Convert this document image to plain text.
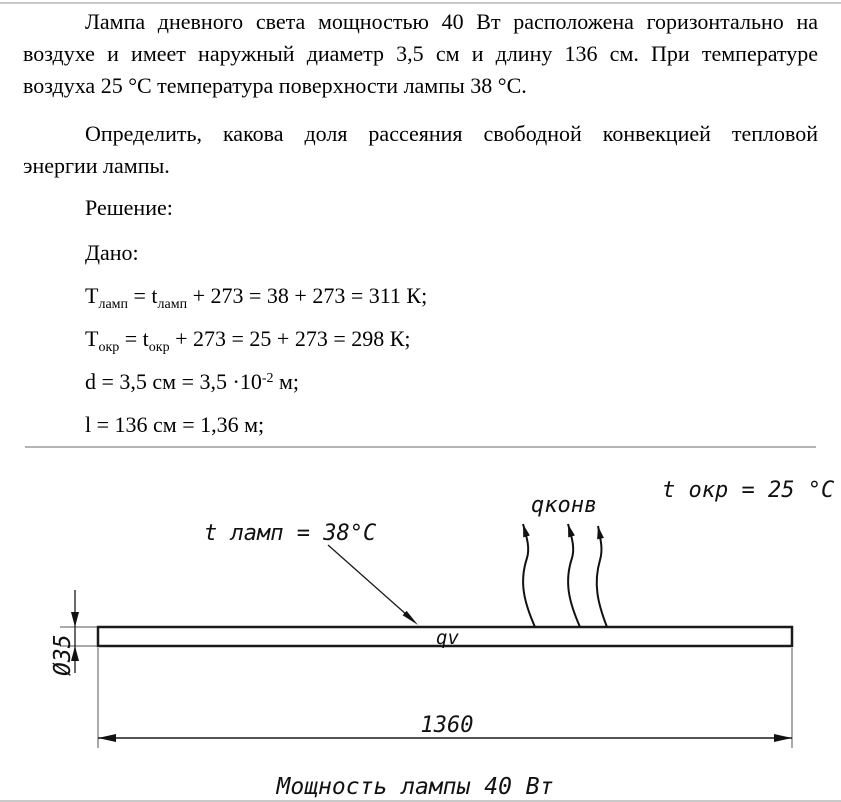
Лампа дневного света мощностью 40 Вт расположена горизонтально на
воздухе и имеет наружный диаметр 3,5 см и длину 136 см. При температуре
воздуха 25 °С температура поверхности лампы 38 °С.
Определить, какова доля рассеяния свободной конвекцией тепловой
энергии лампы.
Решение:
Дано:
$Т_{ламп} = t_{ламп} + 273 = 38 + 273 = 311$ К;
$Т_{окр} = t_{окр} + 273 = 25 + 273 = 298$ К;
d = 3,5 см = $3,5 \cdot 10^{-2}$ м;
l = 136 см = 1,36 м;
Ø35
1360
t окр = 25 °С
qконв
t ламп = 38°С
qv
Мощность лампы 40 Вт
